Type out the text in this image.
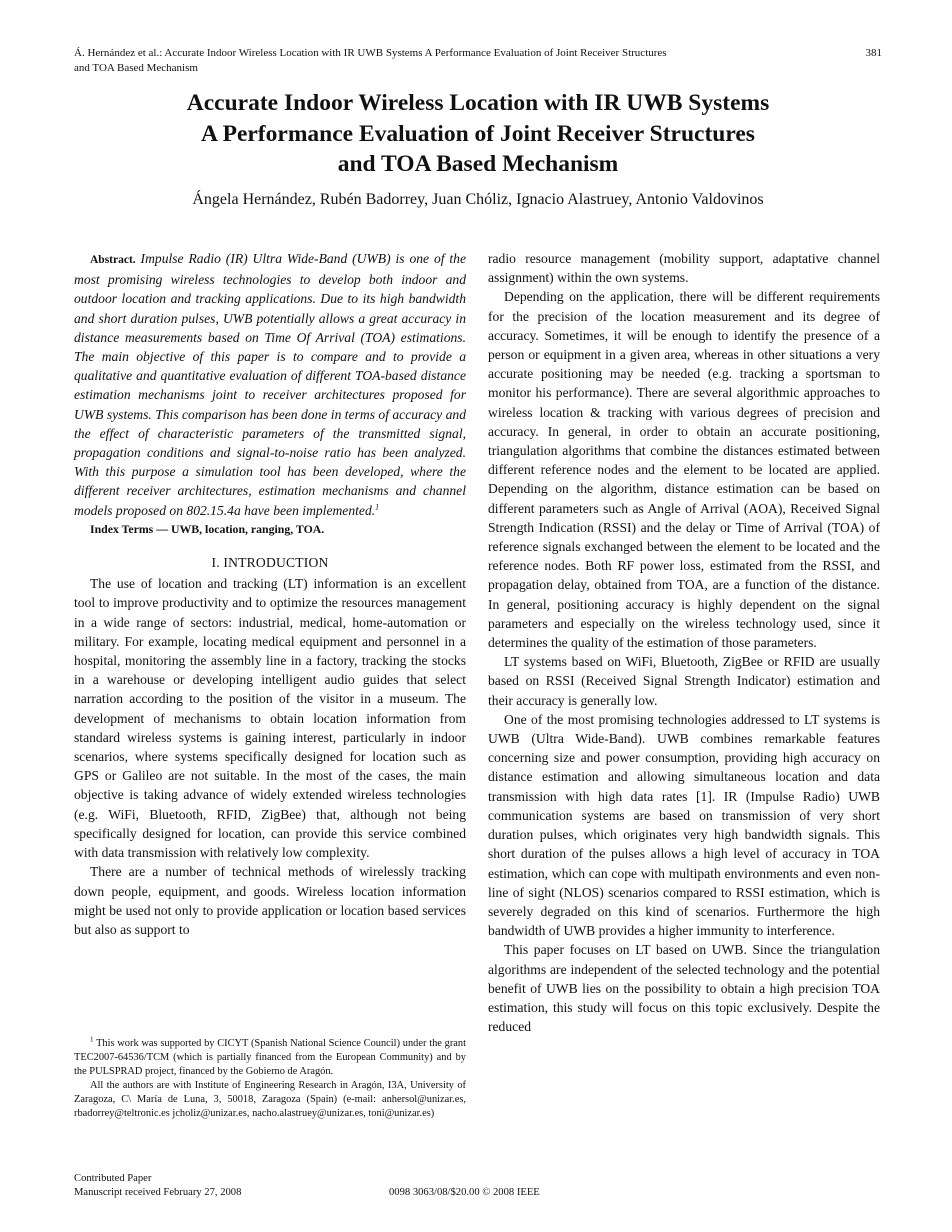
Á. Hernández et al.: Accurate Indoor Wireless Location with IR UWB Systems A Performance Evaluation of Joint Receiver Structures
and TOA Based Mechanism
381
Accurate Indoor Wireless Location with IR UWB Systems
A Performance Evaluation of Joint Receiver Structures
and TOA Based Mechanism
Ángela Hernández, Rubén Badorrey, Juan Chóliz, Ignacio Alastruey, Antonio Valdovinos

Abstract. Impulse Radio (IR) Ultra Wide-Band (UWB) is one of the most promising wireless technologies to develop both indoor and outdoor location and tracking applications. Due to its high bandwidth and short duration pulses, UWB potentially allows a great accuracy in distance measurements based on Time Of Arrival (TOA) estimations. The main objective of this paper is to compare and to provide a qualitative and quantitative evaluation of different TOA-based distance estimation mechanisms joint to receiver architectures proposed for UWB systems. This comparison has been done in terms of accuracy and the effect of characteristic parameters of the transmitted signal, propagation conditions and signal-to-noise ratio has been analyzed. With this purpose a simulation tool has been developed, where the different receiver architectures, estimation mechanisms and channel models proposed on 802.15.4a have been implemented.$^1$

Index Terms — UWB, location, ranging, TOA.

I. INTRODUCTION

The use of location and tracking (LT) information is an excellent tool to improve productivity and to optimize the resources management in a wide range of sectors: industrial, medical, home-automation or military. For example, locating medical equipment and personnel in a hospital, monitoring the assembly line in a factory, tracking the stocks in a warehouse or developing intelligent audio guides that select narration according to the position of the visitor in a museum. The development of mechanisms to obtain location information from standard wireless systems is gaining interest, particularly in indoor scenarios, where systems specifically designed for location such as GPS or Galileo are not suitable. In the most of the cases, the main objective is taking advance of widely extended wireless technologies (e.g. WiFi, Bluetooth, RFID, ZigBee) that, although not being specifically designed for location, can provide this service combined with data transmission with relatively low complexity.

There are a number of technical methods of wirelessly tracking down people, equipment, and goods. Wireless location information might be used not only to provide application or location based services but also as support to

radio resource management (mobility support, adaptative channel assignment) within the own systems.

Depending on the application, there will be different requirements for the precision of the location measurement and its degree of accuracy. Sometimes, it will be enough to identify the presence of a person or equipment in a given area, whereas in other situations a very accurate positioning may be needed (e.g. tracking a sportsman to monitor his performance). There are several algorithmic approaches to wireless location & tracking with various degrees of precision and accuracy. In general, in order to obtain an accurate positioning, triangulation algorithms that combine the distances estimated between different reference nodes and the element to be located are applied. Depending on the algorithm, distance estimation can be based on different parameters such as Angle of Arrival (AOA), Received Signal Strength Indication (RSSI) and the delay or Time of Arrival (TOA) of reference signals exchanged between the element to be located and the reference nodes. Both RF power loss, estimated from the RSSI, and propagation delay, obtained from TOA, are a function of the distance. In general, positioning accuracy is highly dependent on the signal parameters and especially on the wireless technology used, since it determines the quality of the estimation of those parameters.

LT systems based on WiFi, Bluetooth, ZigBee or RFID are usually based on RSSI (Received Signal Strength Indicator) estimation and their accuracy is generally low.

One of the most promising technologies addressed to LT systems is UWB (Ultra Wide-Band). UWB combines remarkable features concerning size and power consumption, providing high accuracy on distance estimation and allowing simultaneous location and data transmission with high data rates [1]. IR (Impulse Radio) UWB communication systems are based on transmission of very short duration pulses, which originates very high bandwidth signals. This short duration of the pulses allows a high level of accuracy in TOA estimation, which can cope with multipath environments and even non-line of sight (NLOS) scenarios compared to RSSI estimation, which is severely degraded on this kind of scenarios. Furthermore the high bandwidth of UWB provides a higher immunity to interference.

This paper focuses on LT based on UWB. Since the triangulation algorithms are independent of the selected technology and the potential benefit of UWB lies on the possibility to obtain a high precision TOA estimation, this study will focus on this topic exclusively. Despite the reduced

$^1$ This work was supported by CICYT (Spanish National Science Council) under the grant TEC2007-64536/TCM (which is partially financed from the European Community) and by the PULSPRAD project, financed by the Gobierno de Aragón.

All the authors are with Institute of Engineering Research in Aragón, I3A, University of Zaragoza, C\ María de Luna, 3, 50018, Zaragoza (Spain) (e-mail: anhersol@unizar.es, rbadorrey@teltronic.es jcholiz@unizar.es, nacho.alastruey@unizar.es, toni@unizar.es)

Contributed Paper
Manuscript received February 27, 2008	0098 3063/08/$20.00 © 2008 IEEE
